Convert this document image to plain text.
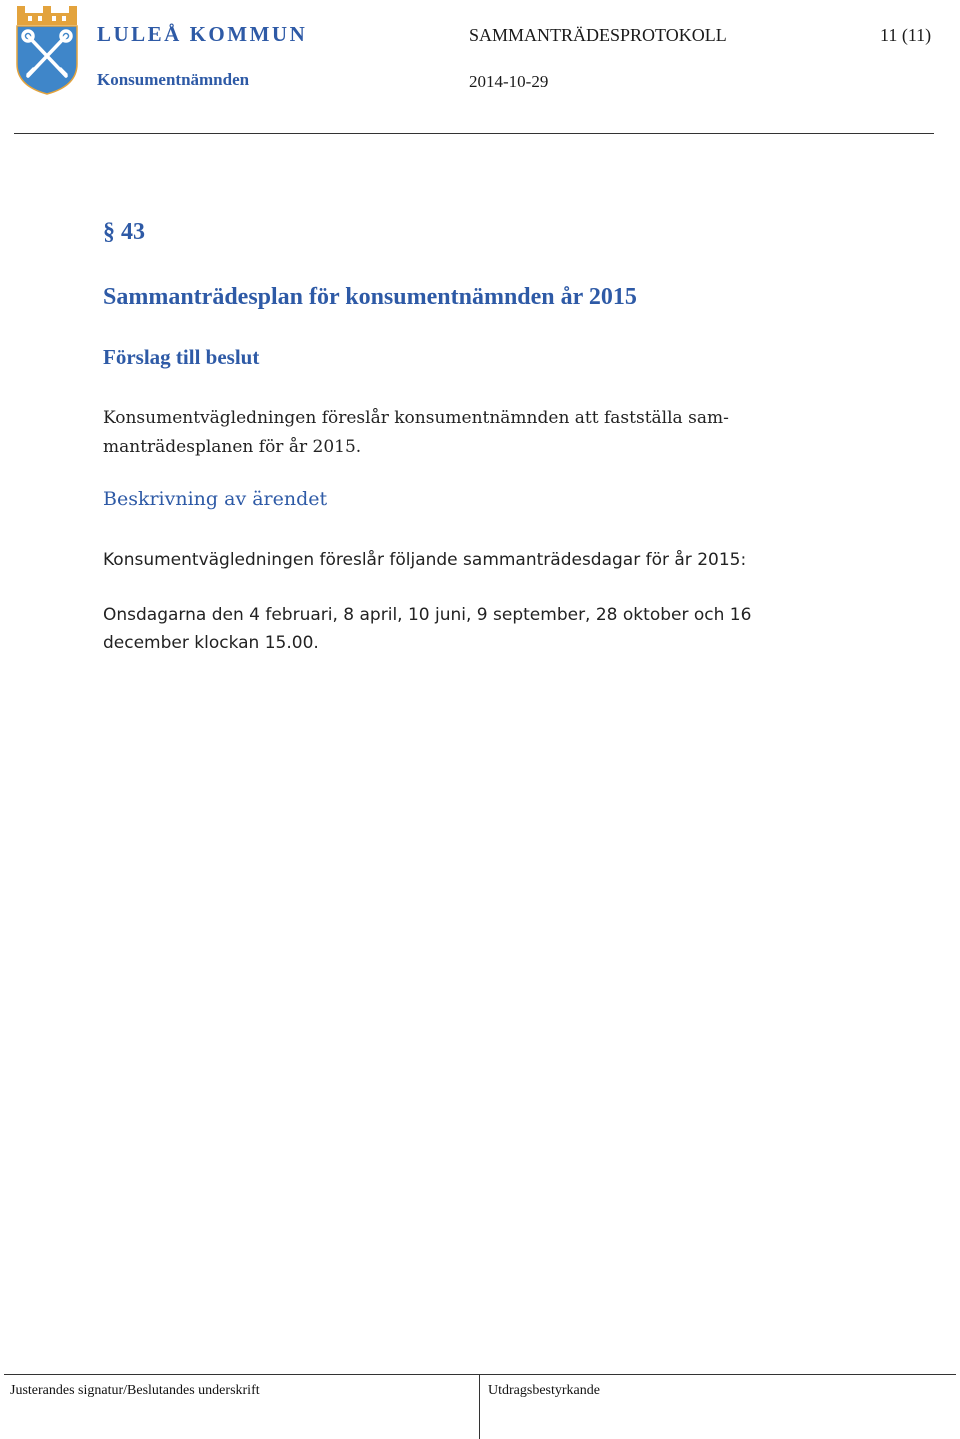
LULEÅ KOMMUN
Konsumentnämnden
SAMMANTRÄDESPROTOKOLL	11 (11)
2014-10-29
§ 43
Sammanträdesplan för konsumentnämnden år 2015
Förslag till beslut
Konsumentvägledningen föreslår konsumentnämnden att fastställa sammanträdesplanen för år 2015.
Beskrivning av ärendet
Konsumentvägledningen föreslår följande sammanträdesdagar för år 2015:
Onsdagarna den 4 februari, 8 april, 10 juni, 9 september, 28 oktober och 16 december klockan 15.00.
Justerandes signatur/Beslutandes underskrift	Utdragsbestyrkande
